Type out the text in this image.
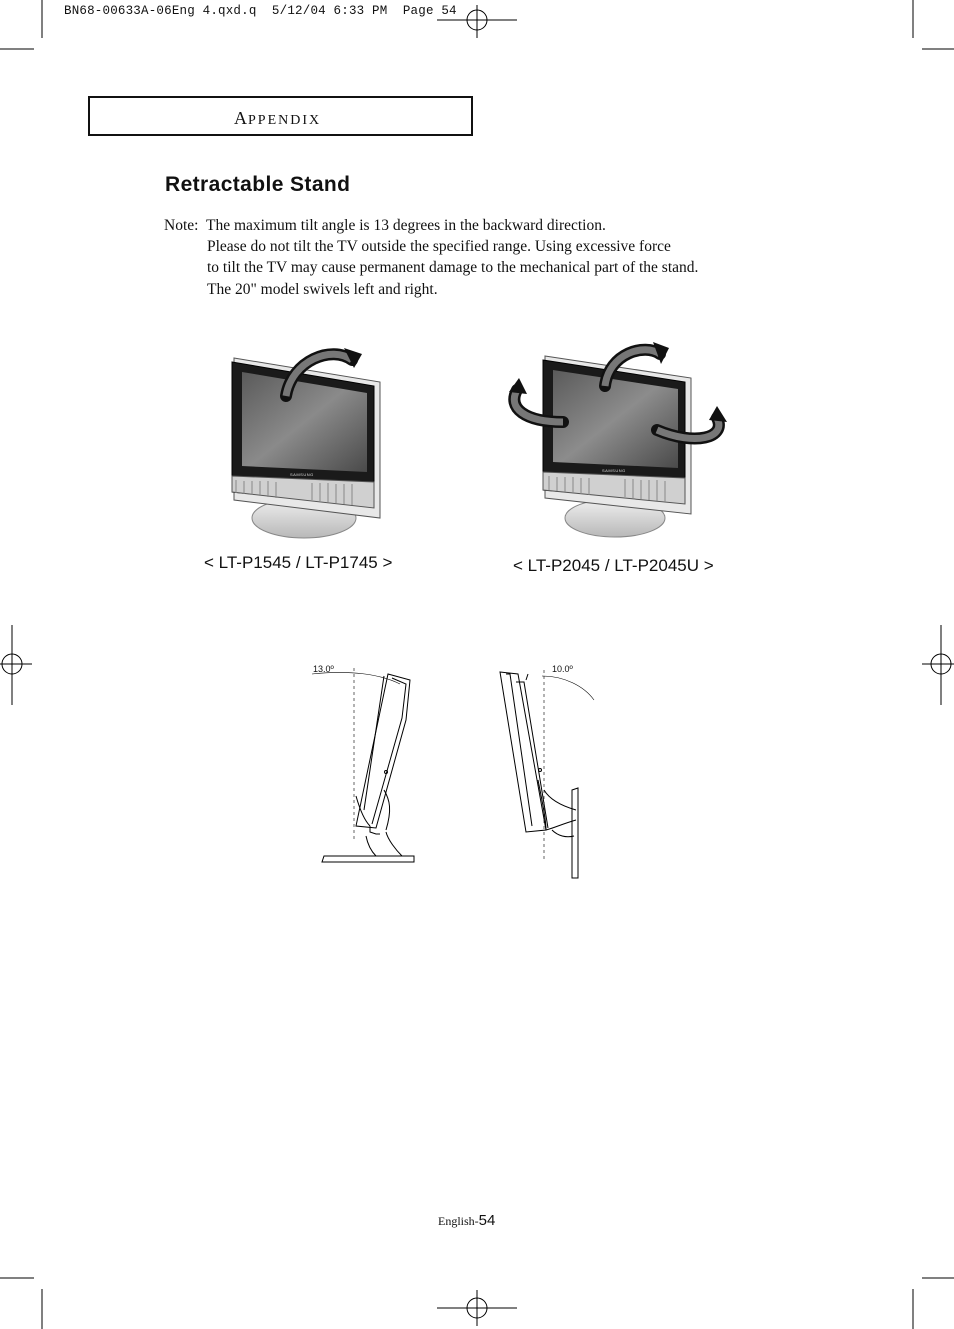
BN68-00633A-06Eng 4.qxd.q  5/12/04 6:33 PM  Page 54
APPENDIX
Retractable Stand
Note: The maximum tilt angle is 13 degrees in the backward direction.
Please do not tilt the TV outside the specified range. Using excessive force
to tilt the TV may cause permanent damage to the mechanical part of the stand.
The 20" model swivels left and right.
SAMSUNG
SAMSUNG
< LT-P1545 / LT-P1745 >	< LT-P2045 / LT-P2045U >
13.0º	10.0º
English-54
